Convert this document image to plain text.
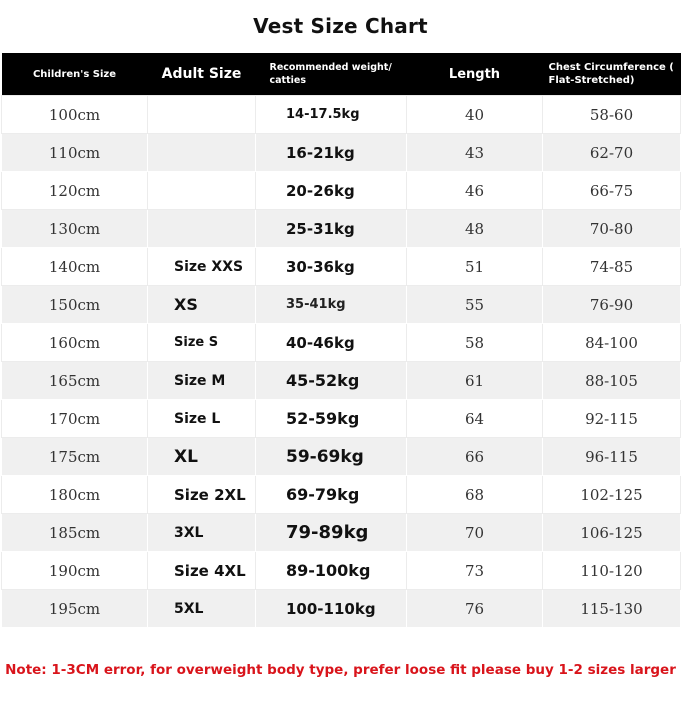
Vest Size Chart
Children's Size	Adult Size	Recommended weight/ catties	Length	Chest Circumference ( Flat-Stretched)
100cm		14-17.5kg	40	58-60
110cm		16-21kg	43	62-70
120cm		20-26kg	46	66-75
130cm		25-31kg	48	70-80
140cm	Size XXS	30-36kg	51	74-85
150cm	XS	35-41kg	55	76-90
160cm	Size S	40-46kg	58	84-100
165cm	Size M	45-52kg	61	88-105
170cm	Size L	52-59kg	64	92-115
175cm	XL	59-69kg	66	96-115
180cm	Size 2XL	69-79kg	68	102-125
185cm	3XL	79-89kg	70	106-125
190cm	Size 4XL	89-100kg	73	110-120
195cm	5XL	100-110kg	76	115-130
Note: 1-3CM error, for overweight body type, prefer loose fit please buy 1-2 sizes larger
